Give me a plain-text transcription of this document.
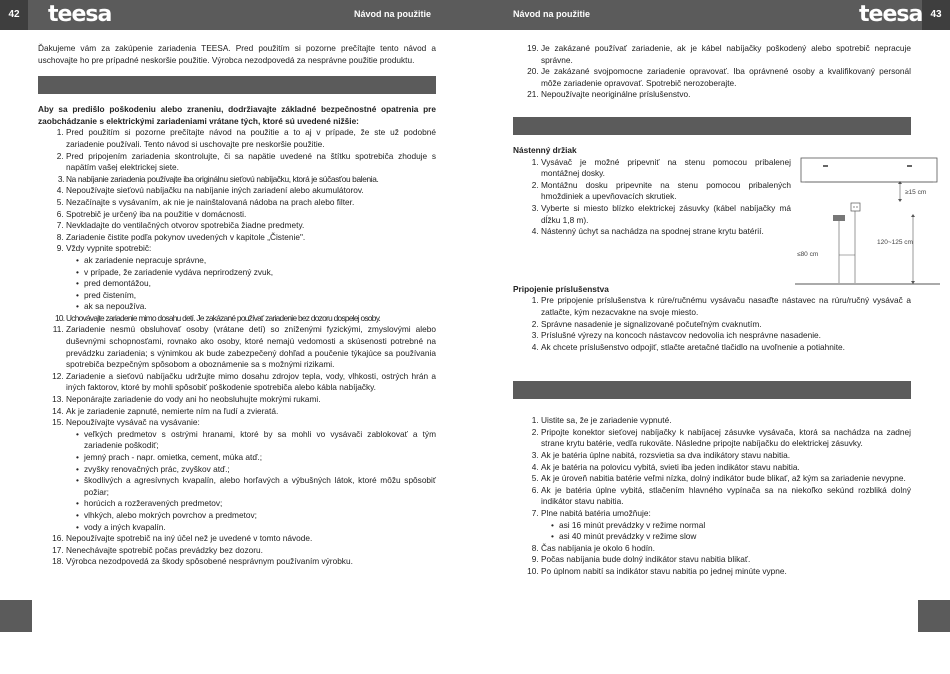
42	teesa	Návod na použitie	Návod na použitie	teesa 43

Ďakujeme vám za zakúpenie zariadenia TEESA. Pred použitím si pozorne prečítajte tento návod a uschovajte ho pre prípadné neskoršie použitie. Výrobca nezodpovedá za nesprávne použitie produktu.

Aby sa predišlo poškodeniu alebo zraneniu, dodržiavajte základné bezpečnostné opatrenia pre zaobchádzanie s elektrickými zariadeniami vrátane tých, ktoré sú uvedené nižšie:

1. Pred použitím si pozorne prečítajte návod na použitie a to aj v prípade, že ste už podobné zariadenie používali. Tento návod si uschovajte pre neskoršie použitie.
2. Pred pripojením zariadenia skontrolujte, či sa napätie uvedené na štítku spotrebiča zhoduje s napätím vašej elektrickej siete.
3. Na nabíjanie zariadenia používajte iba originálnu sieťovú nabíjačku, ktorá je súčasťou balenia.
4. Nepoužívajte sieťovú nabíjačku na nabíjanie iných zariadení alebo akumulátorov.
5. Nezačínajte s vysávaním, ak nie je nainštalovaná nádoba na prach alebo filter.
6. Spotrebič je určený iba na použitie v domácnosti.
7. Nevkladajte do ventilačných otvorov spotrebiča žiadne predmety.
8. Zariadenie čistite podľa pokynov uvedených v kapitole „Čistenie".
9. Vždy vypnite spotrebič:
• ak zariadenie nepracuje správne,
• v prípade, že zariadenie vydáva neprirodzený zvuk,
• pred demontážou,
• pred čistením,
• ak sa nepoužíva.
10. Uchovávajte zariadenie mimo dosahu detí. Je zakázané používať zariadenie bez dozoru dospelej osoby.
11. Zariadenie nesmú obsluhovať osoby (vrátane detí) so zníženými fyzickými, zmyslovými alebo duševnými schopnosťami, rovnako ako osoby, ktoré nemajú vedomosti a skúsenosti potrebné na prevádzku zariadenia; s výnimkou ak bude zabezpečený dohľad a poučenie týkajúce sa používania spotrebiča bezpečným spôsobom a oboznámenie sa s možnými rizikami.
12. Zariadenie a sieťovú nabíjačku udržujte mimo dosahu zdrojov tepla, vody, vlhkosti, ostrých hrán a iných faktorov, ktoré by mohli spôsobiť poškodenie spotrebiča alebo kábla nabíjačky.
13. Neponárajte zariadenie do vody ani ho neobsluhujte mokrými rukami.
14. Ak je zariadenie zapnuté, nemierte ním na ľudí a zvieratá.
15. Nepoužívajte vysávač na vysávanie:
• veľkých predmetov s ostrými hranami, ktoré by sa mohli vo vysávači zablokovať a tým zariadenie poškodiť;
• jemný prach - napr. omietka, cement, múka atď.;
• zvyšky renovačných prác, zvyškov atď.;
• škodlivých a agresívnych kvapalín, alebo horľavých a výbušných látok, ktoré môžu spôsobiť požiar;
• horúcich a rozžeravených predmetov;
• vlhkých, alebo mokrých povrchov a predmetov;
• vody a iných kvapalín.
16. Nepoužívajte spotrebič na iný účel než je uvedené v tomto návode.
17. Nenechávajte spotrebič počas prevádzky bez dozoru.
18. Výrobca nezodpovedá za škody spôsobené nesprávnym používaním výrobku.
19. Je zakázané používať zariadenie, ak je kábel nabíjačky poškodený alebo spotrebič nepracuje správne.
20. Je zakázané svojpomocne zariadenie opravovať. Iba oprávnené osoby a kvalifikovaný personál môže zariadenie opravovať. Spotrebič nerozoberajte.
21. Nepoužívajte neoriginálne príslušenstvo.

Nástenný držiak

1. Vysávač je možné pripevniť na stenu pomocou pribalenej montážnej dosky.
2. Montážnu dosku pripevnite na stenu pomocou pribalených hmoždiniek a upevňovacích skrutiek.
3. Vyberte si miesto blízko elektrickej zásuvky (kábel nabíjačky má dĺžku 1,8 m).
4. Nástenný úchyt sa nachádza na spodnej strane krytu batérií.

Pripojenie príslušenstva

1. Pre pripojenie príslušenstva k rúre/ručnému vysávaču nasaďte nástavec na rúru/ručný vysávač a zatlačte, kým nezacvakne na svoje miesto.
2. Správne nasadenie je signalizované počuteľným cvaknutím.
3. Príslušné výrezy na koncoch nástavcov nedovolia ich nesprávne nasadenie.
4. Ak chcete príslušenstvo odpojiť, stlačte aretačné tlačidlo na uvoľnenie a potiahnite.
1. Uistite sa, že je zariadenie vypnuté.
2. Pripojte konektor sieťovej nabíjačky k nabíjacej zásuvke vysávača, ktorá sa nachádza na zadnej strane krytu batérie, vedľa rukoväte. Následne pripojte nabíjačku do elektrickej zásuvky.
3. Ak je batéria úplne nabitá, rozsvietia sa dva indikátory stavu nabitia.
4. Ak je batéria na polovicu vybitá, svieti iba jeden indikátor stavu nabitia.
5. Ak je úroveň nabitia batérie veľmi nízka, dolný indikátor bude blikať, až kým sa zariadenie nevypne.
6. Ak je batéria úplne vybitá, stlačením hlavného vypínača sa na niekoľko sekúnd rozbliká dolný indikátor stavu nabitia.
7. Plne nabitá batéria umožňuje:
• asi 16 minút prevádzky v režime normal
• asi 40 minút prevádzky v režime slow
8. Čas nabíjania je okolo 6 hodín.
9. Počas nabíjania bude dolný indikátor stavu nabitia blikať.
10. Po úplnom nabití sa indikátor stavu nabitia po jednej minúte vypne.
≥15 cm
≤80 cm
120~125 cm
